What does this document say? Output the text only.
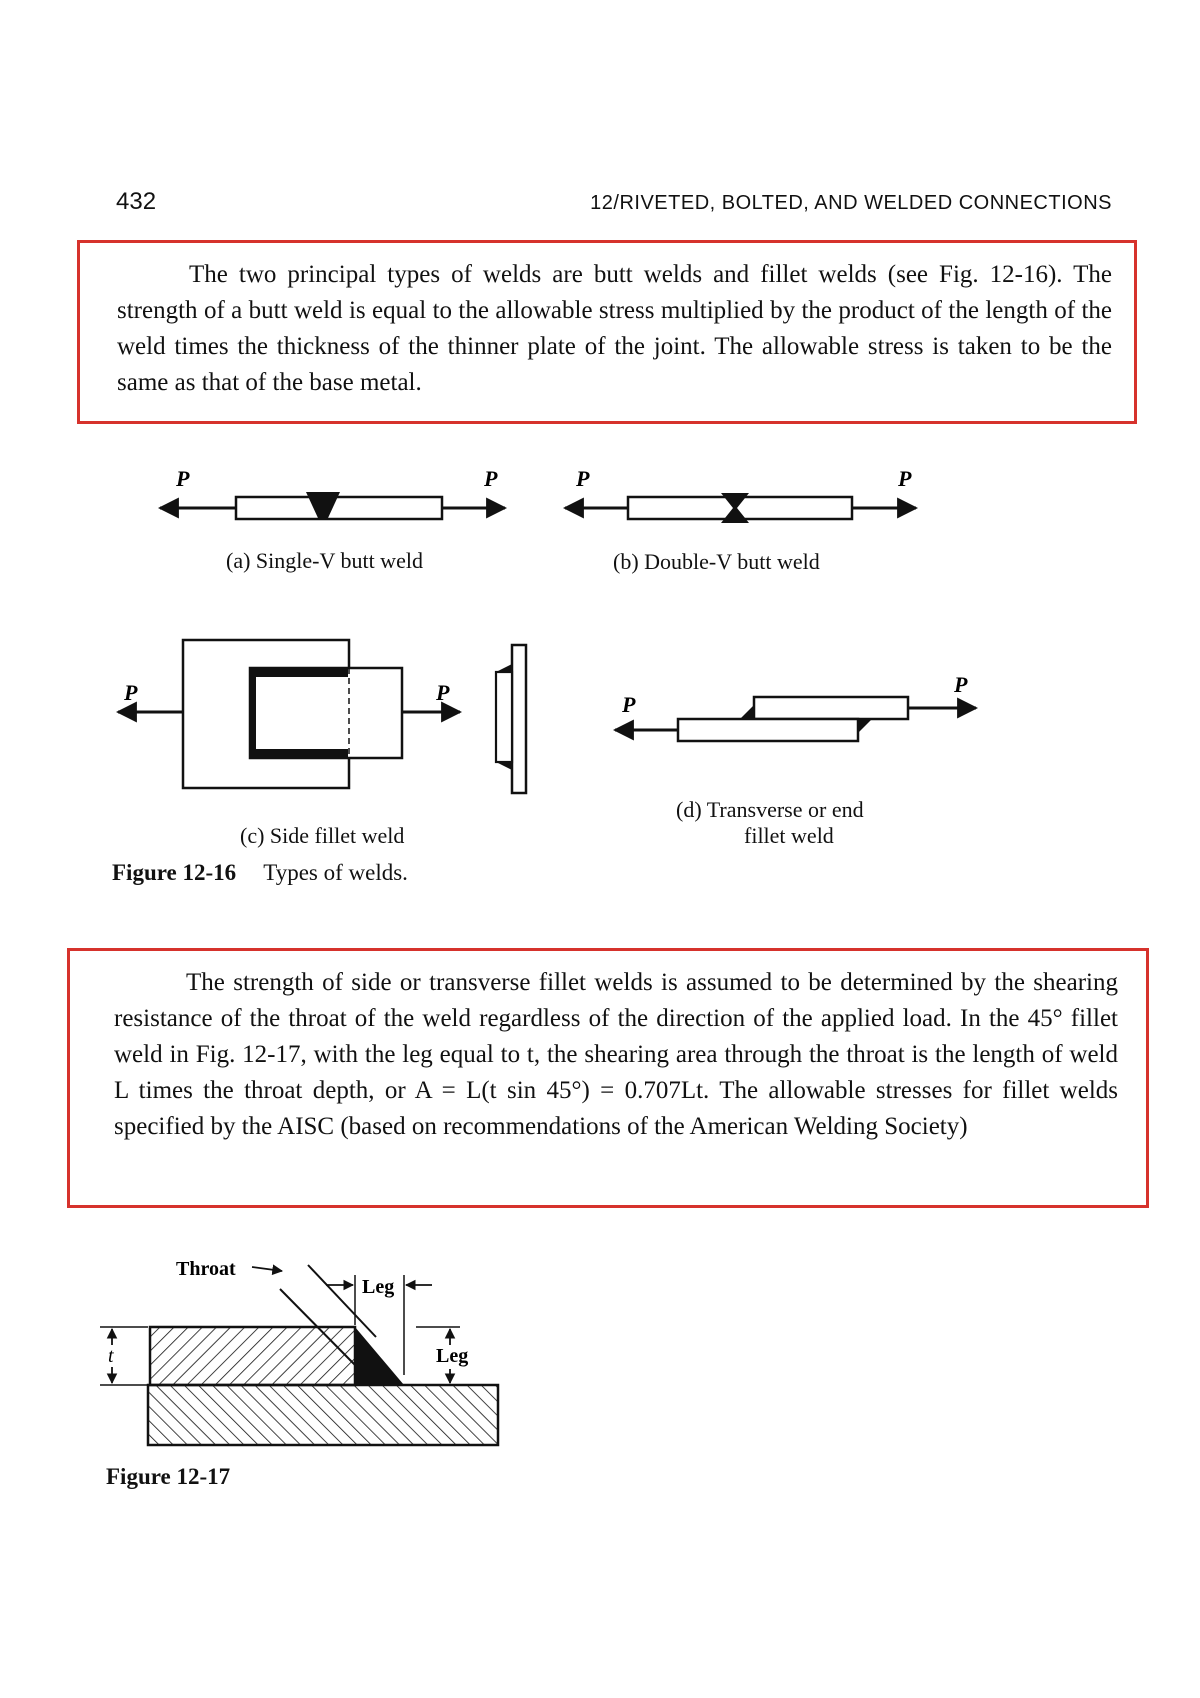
432	12/RIVETED, BOLTED, AND WELDED CONNECTIONS
The two principal types of welds are butt welds and fillet welds (see Fig. 12-16). The strength of a butt weld is equal to the allowable stress multiplied by the product of the length of the weld times the thickness of the thinner plate of the joint. The allowable stress is taken to be the same as that of the base metal.
P	P	P	P
P	P	P
P
(a) Single-V butt weld	(b) Double-V butt weld
(c) Side fillet weld
(d) Transverse or end
fillet weld
Figure 12-16 Types of welds.
The strength of side or transverse fillet welds is assumed to be determined by the shearing resistance of the throat of the weld regardless of the direction of the applied load. In the 45° fillet weld in Fig. 12-17, with the leg equal to t, the shearing area through the throat is the length of weld L times the throat depth, or A = L(t sin 45°) = 0.707Lt. The allowable stresses for fillet welds specified by the AISC (based on recommendations of the American Welding Society)
Throat
Leg
Leg
t
Figure 12-17
